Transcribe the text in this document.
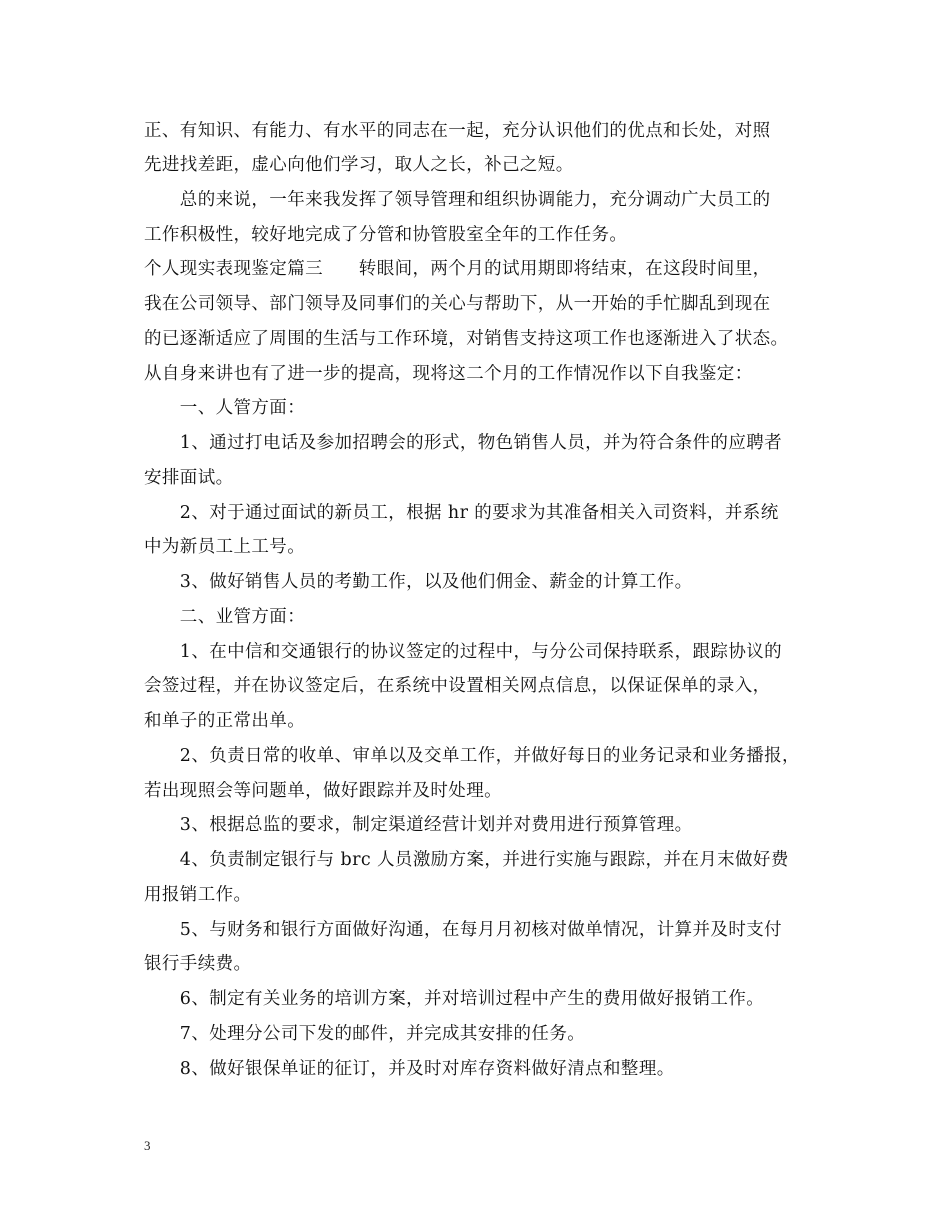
正、有知识、有能力、有水平的同志在一起，充分认识他们的优点和长处，对照
先进找差距，虚心向他们学习，取人之长，补己之短。
　　总的来说，一年来我发挥了领导管理和组织协调能力，充分调动广大员工的
工作积极性，较好地完成了分管和协管股室全年的工作任务。
个人现实表现鉴定篇三　　转眼间，两个月的试用期即将结束，在这段时间里，
我在公司领导、部门领导及同事们的关心与帮助下，从一开始的手忙脚乱到现在
的已逐渐适应了周围的生活与工作环境，对销售支持这项工作也逐渐进入了状态。
从自身来讲也有了进一步的提高，现将这二个月的工作情况作以下自我鉴定：
　　一、人管方面：
　　1、通过打电话及参加招聘会的形式，物色销售人员，并为符合条件的应聘者
安排面试。
　　2、对于通过面试的新员工，根据 hr 的要求为其准备相关入司资料，并系统
中为新员工上工号。
　　3、做好销售人员的考勤工作，以及他们佣金、薪金的计算工作。
　　二、业管方面：
　　1、在中信和交通银行的协议签定的过程中，与分公司保持联系，跟踪协议的
会签过程，并在协议签定后，在系统中设置相关网点信息，以保证保单的录入，
和单子的正常出单。
　　2、负责日常的收单、审单以及交单工作，并做好每日的业务记录和业务播报，
若出现照会等问题单，做好跟踪并及时处理。
　　3、根据总监的要求，制定渠道经营计划并对费用进行预算管理。
　　4、负责制定银行与 brc 人员激励方案，并进行实施与跟踪，并在月末做好费
用报销工作。
　　5、与财务和银行方面做好沟通，在每月月初核对做单情况，计算并及时支付
银行手续费。
　　6、制定有关业务的培训方案，并对培训过程中产生的费用做好报销工作。
　　7、处理分公司下发的邮件，并完成其安排的任务。
　　8、做好银保单证的征订，并及时对库存资料做好清点和整理。
3
